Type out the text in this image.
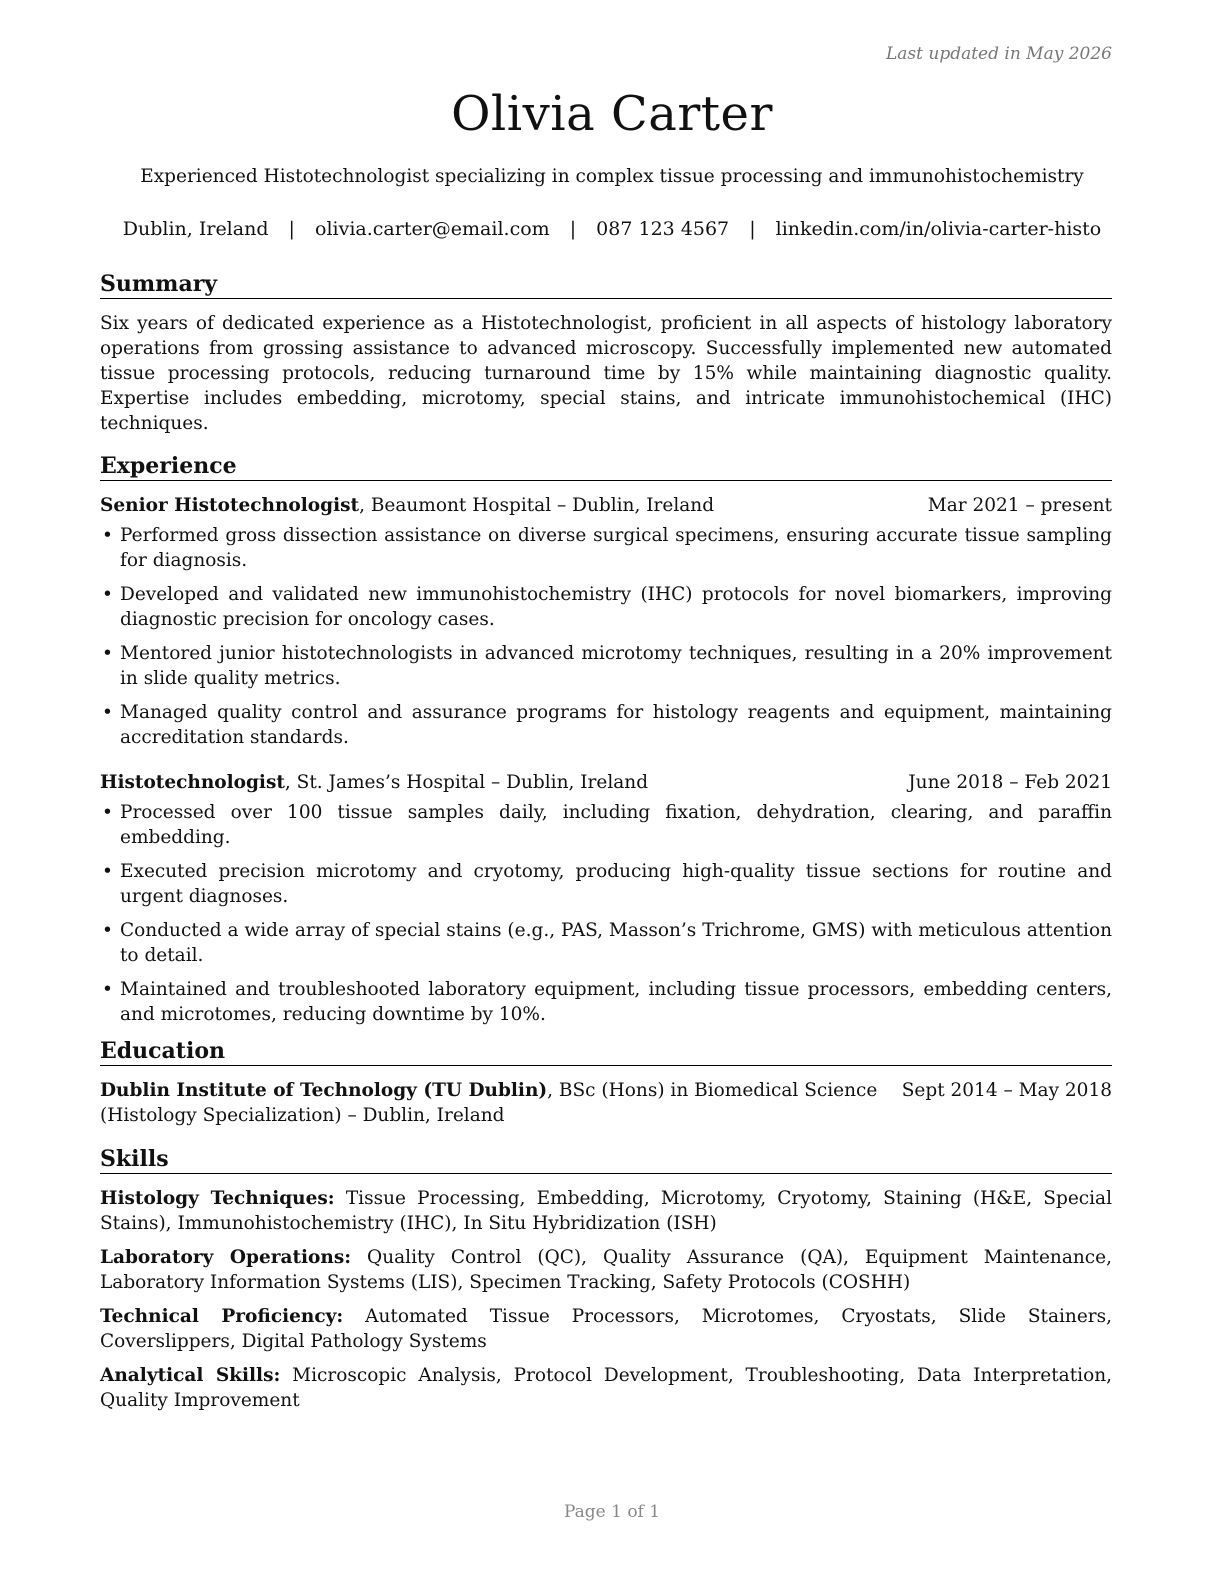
Last updated in May 2026
Olivia Carter
Experienced Histotechnologist specializing in complex tissue processing and immunohistochemistry
Dublin, Ireland | olivia.carter@email.com | 087 123 4567 | linkedin.com/in/olivia-carter-histo
Summary

Six years of dedicated experience as a Histotechnologist, proficient in all aspects of histology laboratory operations from grossing assistance to advanced microscopy. Successfully implemented new automated tissue processing protocols, reducing turnaround time by 15% while maintaining diagnostic quality. Expertise includes embedding, microtomy, special stains, and intricate immunohistochemical (IHC) techniques.

Experience
Senior Histotechnologist, Beaumont Hospital – Dublin, Ireland	Mar 2021 – present
• Performed gross dissection assistance on diverse surgical specimens, ensuring accurate tissue sampling for diagnosis.
• Developed and validated new immunohistochemistry (IHC) protocols for novel biomarkers, improving diagnostic precision for oncology cases.
• Mentored junior histotechnologists in advanced microtomy techniques, resulting in a 20% improvement in slide quality metrics.
• Managed quality control and assurance programs for histology reagents and equipment, maintaining accreditation standards.
Histotechnologist, St. James’s Hospital – Dublin, Ireland	June 2018 – Feb 2021
• Processed over 100 tissue samples daily, including fixation, dehydration, clearing, and paraffin embedding.
• Executed precision microtomy and cryotomy, producing high-quality tissue sections for routine and urgent diagnoses.
• Conducted a wide array of special stains (e.g., PAS, Masson’s Trichrome, GMS) with meticulous attention to detail.
• Maintained and troubleshooted laboratory equipment, including tissue processors, embedding centers, and microtomes, reducing downtime by 10%.
Education
Dublin Institute of Technology (TU Dublin), BSc (Hons) in Biomedical Science (Histology Specialization) – Dublin, Ireland
Sept 2014 – May 2018
Skills

Histology Techniques: Tissue Processing, Embedding, Microtomy, Cryotomy, Staining (H&E, Special Stains), Immunohistochemistry (IHC), In Situ Hybridization (ISH)

Laboratory Operations: Quality Control (QC), Quality Assurance (QA), Equipment Maintenance, Laboratory Information Systems (LIS), Specimen Tracking, Safety Protocols (COSHH)

Technical Proficiency: Automated Tissue Processors, Microtomes, Cryostats, Slide Stainers, Coverslippers, Digital Pathology Systems

Analytical Skills: Microscopic Analysis, Protocol Development, Troubleshooting, Data Interpretation, Quality Improvement

Page 1 of 1
